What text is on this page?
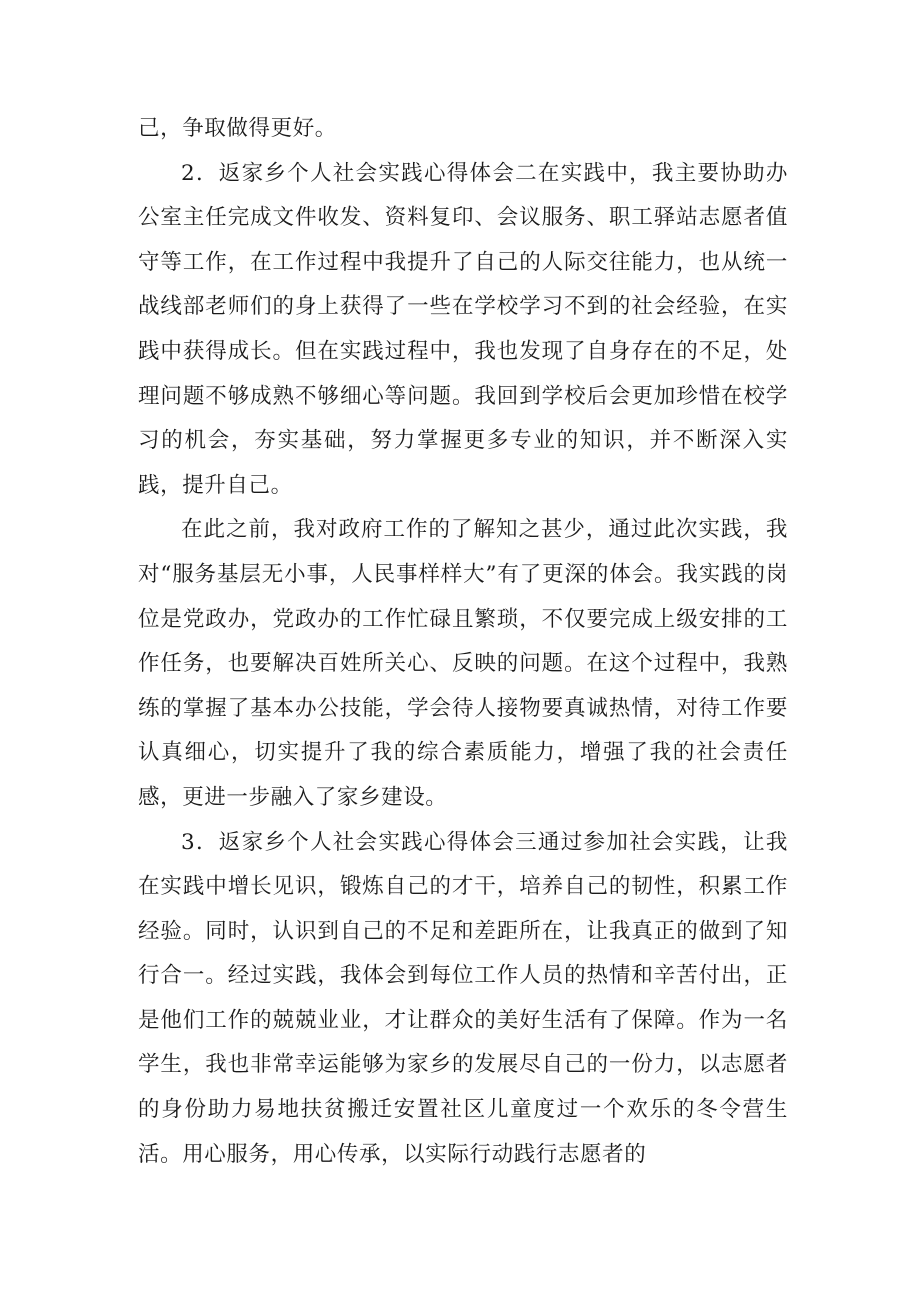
己，争取做得更好。

2．返家乡个人社会实践心得体会二在实践中，我主要协助办公室主任完成文件收发、资料复印、会议服务、职工驿站志愿者值守等工作，在工作过程中我提升了自己的人际交往能力，也从统一战线部老师们的身上获得了一些在学校学习不到的社会经验，在实践中获得成长。但在实践过程中，我也发现了自身存在的不足，处理问题不够成熟不够细心等问题。我回到学校后会更加珍惜在校学习的机会，夯实基础，努力掌握更多专业的知识，并不断深入实践，提升自己。

在此之前，我对政府工作的了解知之甚少，通过此次实践，我对“服务基层无小事，人民事样样大”有了更深的体会。我实践的岗位是党政办，党政办的工作忙碌且繁琐，不仅要完成上级安排的工作任务，也要解决百姓所关心、反映的问题。在这个过程中，我熟练的掌握了基本办公技能，学会待人接物要真诚热情，对待工作要认真细心，切实提升了我的综合素质能力，增强了我的社会责任感，更进一步融入了家乡建设。

3．返家乡个人社会实践心得体会三通过参加社会实践，让我在实践中增长见识，锻炼自己的才干，培养自己的韧性，积累工作经验。同时，认识到自己的不足和差距所在，让我真正的做到了知行合一。经过实践，我体会到每位工作人员的热情和辛苦付出，正是他们工作的兢兢业业，才让群众的美好生活有了保障。作为一名学生，我也非常幸运能够为家乡的发展尽自己的一份力，以志愿者的身份助力易地扶贫搬迁安置社区儿童度过一个欢乐的冬令营生活。用心服务，用心传承，以实际行动践行志愿者的
